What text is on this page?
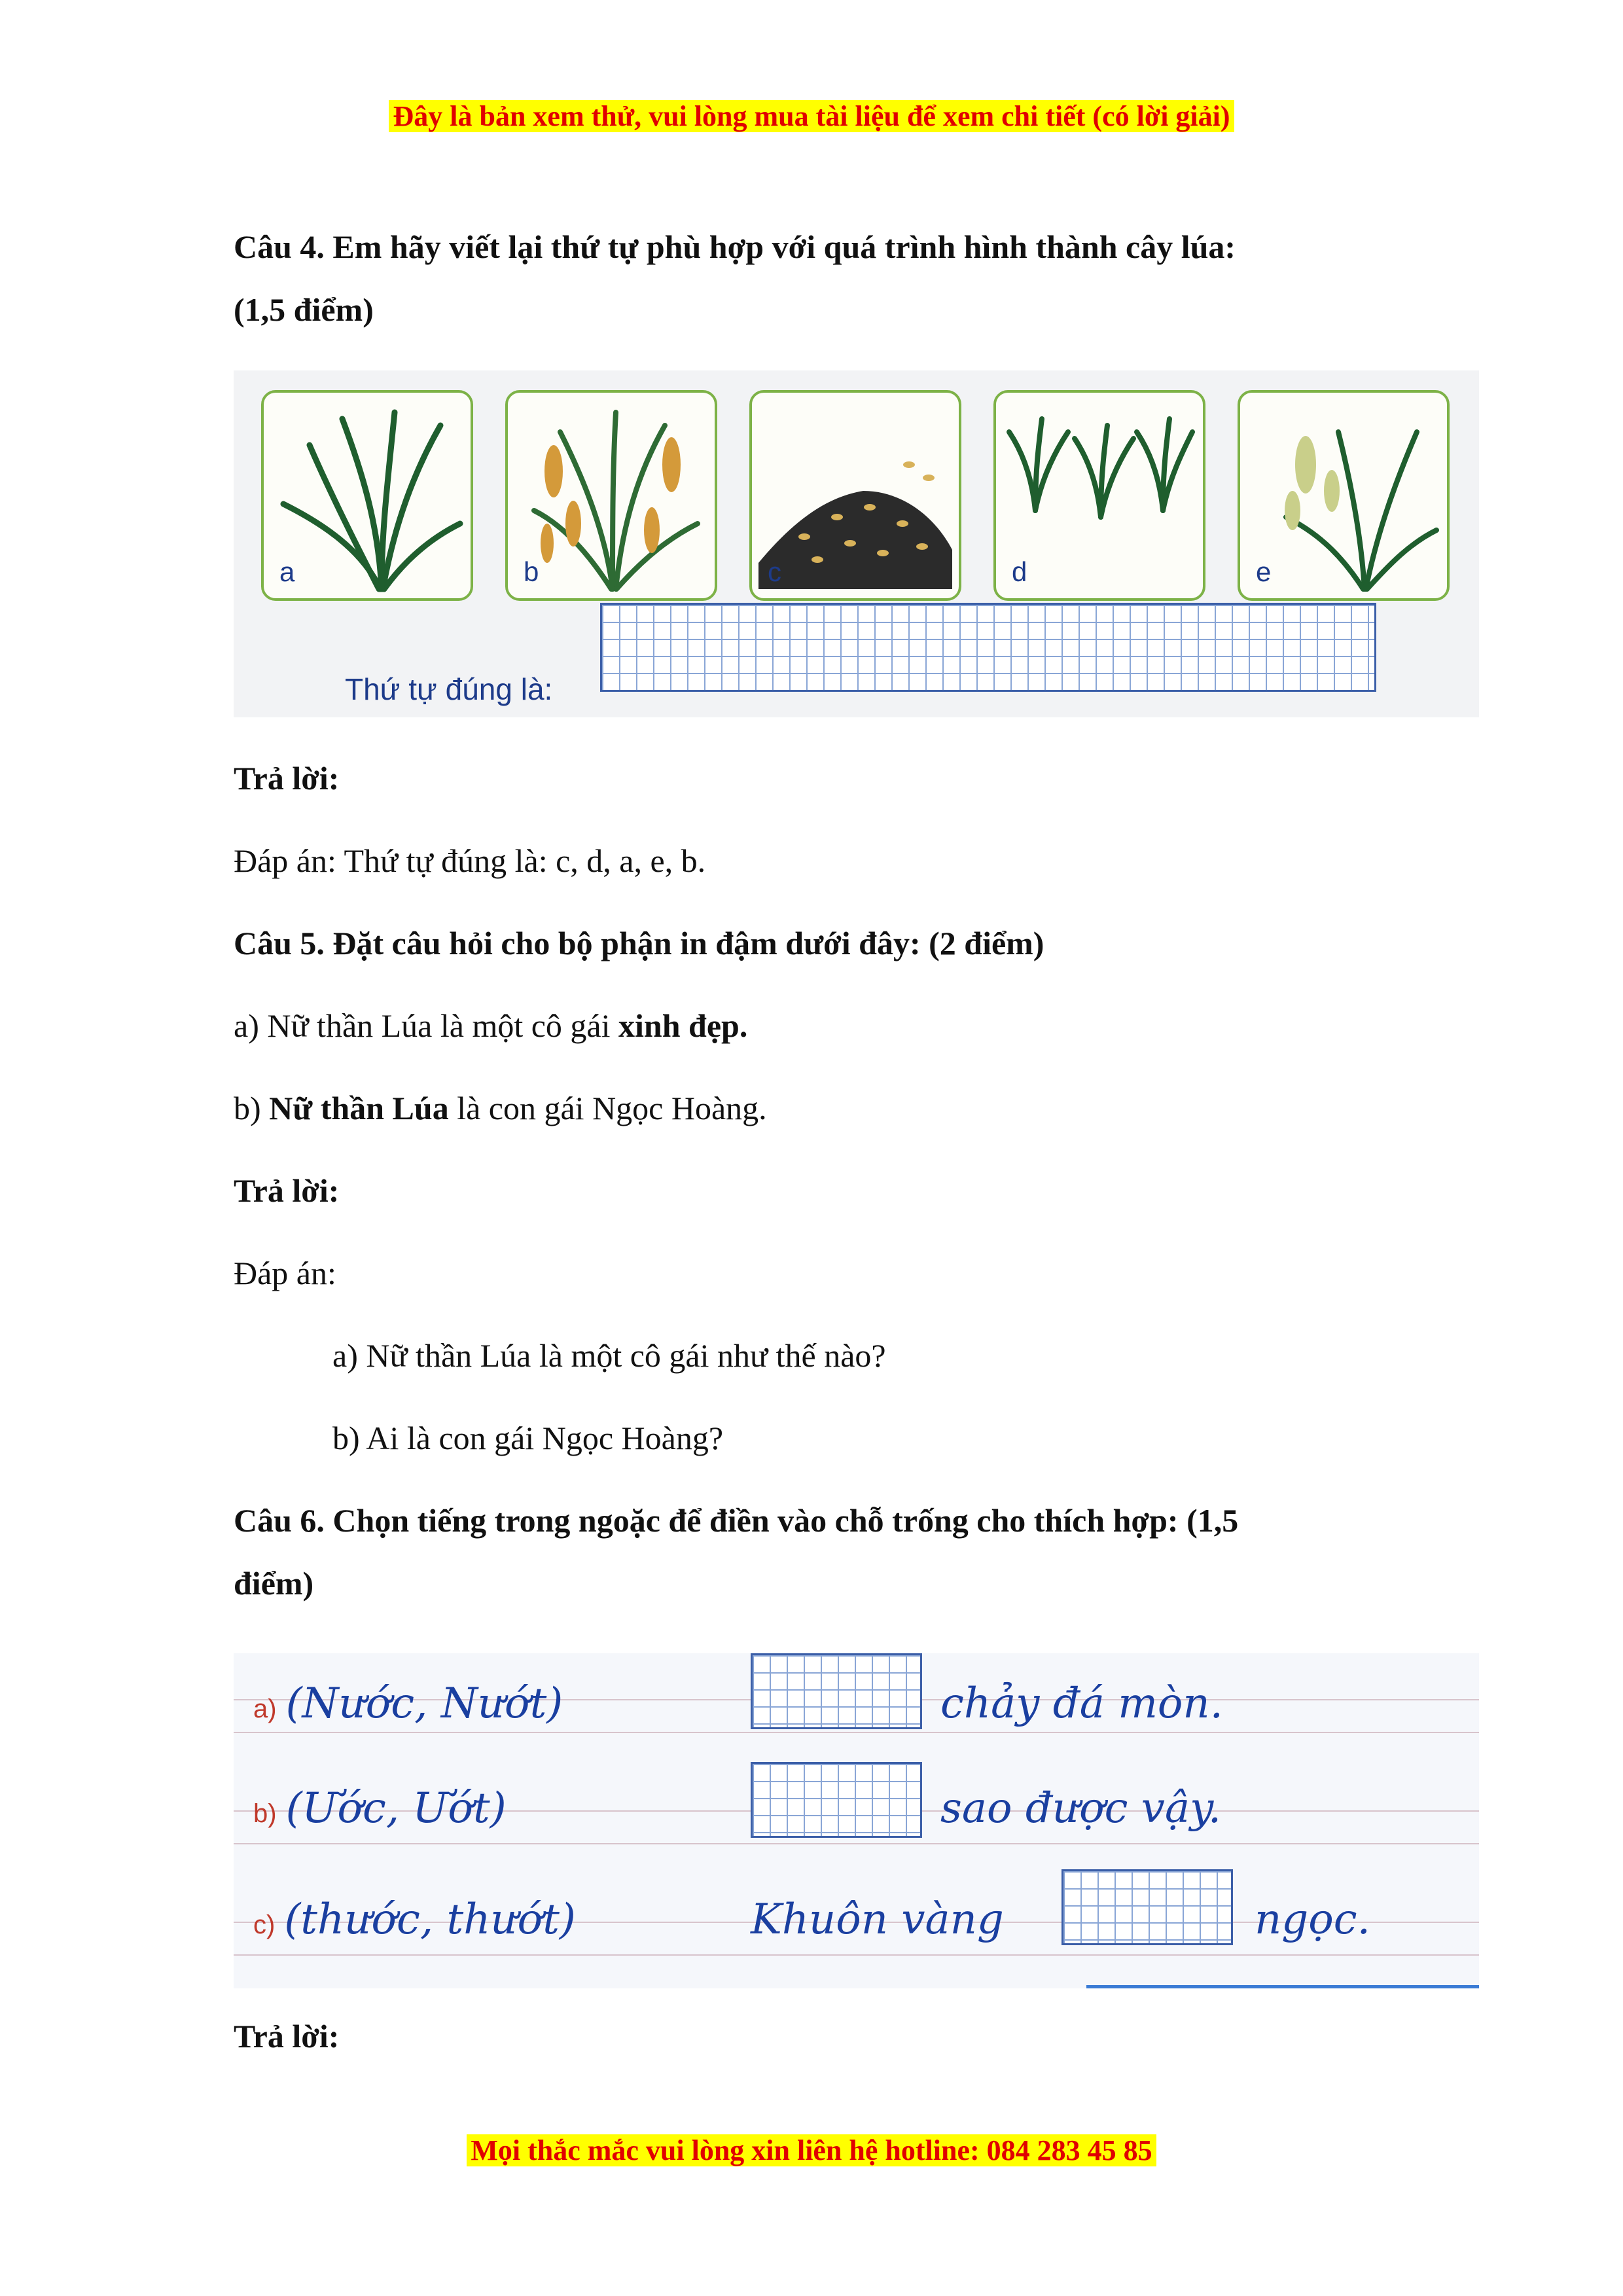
Đây là bản xem thử, vui lòng mua tài liệu để xem chi tiết (có lời giải)
Câu 4. Em hãy viết lại thứ tự phù hợp với quá trình hình thành cây lúa:
(1,5 điểm)
a	b	c	d	e
Thứ tự đúng là:
Trả lời:
Đáp án: Thứ tự đúng là: c, d, a, e, b.
Câu 5. Đặt câu hỏi cho bộ phận in đậm dưới đây: (2 điểm)
a) Nữ thần Lúa là một cô gái xinh đẹp.
b) Nữ thần Lúa là con gái Ngọc Hoàng.
Trả lời:
Đáp án:
a) Nữ thần Lúa là một cô gái như thế nào?
b) Ai là con gái Ngọc Hoàng?
Câu 6. Chọn tiếng trong ngoặc để điền vào chỗ trống cho thích hợp: (1,5
điểm)
a) (Nước, Nướt)	chảy đá mòn.
b) (Ước, Ướt)	sao được vậy.
c) (thước, thướt)	Khuôn vàng	ngọc.
Trả lời:
Mọi thắc mắc vui lòng xin liên hệ hotline: 084 283 45 85
